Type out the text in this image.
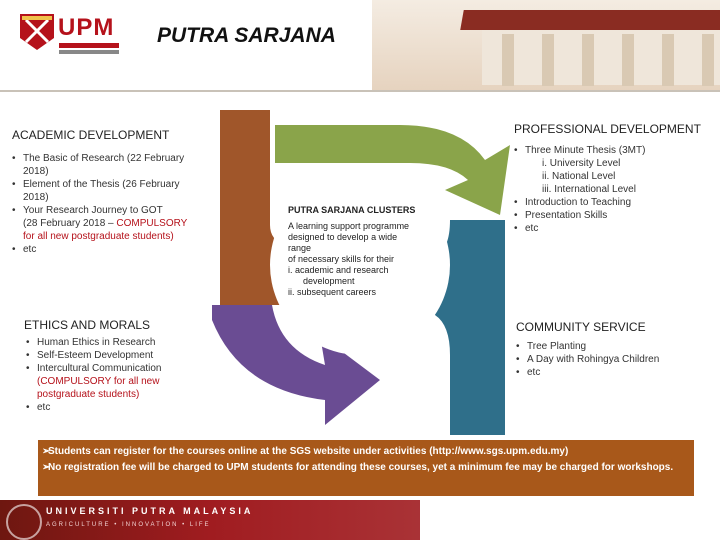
UPM PUTRA SARJANA
PUTRA SARJANA CLUSTERS
A learning support programme
designed to develop a wide
range
of necessary skills for their
i. academic and research
development
ii. subsequent careers
ACADEMIC DEVELOPMENT
• The Basic of Research (22 February
2018)
• Element of the Thesis (26 February
2018)
• Your Research Journey to GOT
(28 February 2018 – COMPULSORY
for all new postgraduate students)
• etc
PROFESSIONAL DEVELOPMENT
• Three Minute Thesis (3MT)
i. University Level
ii. National Level
iii. International Level
• Introduction to Teaching
• Presentation Skills
• etc
ETHICS AND MORALS
• Human Ethics in Research
• Self-Esteem Development
• Intercultural Communication
(COMPULSORY for all new
postgraduate students)
• etc
COMMUNITY SERVICE
• Tree Planting
• A Day with Rohingya Children
• etc
➢
Students can register for the courses online at the SGS website under activities (http://www.sgs.upm.edu.my)
➢
No registration fee will be charged to UPM students for attending these courses, yet a minimum fee may be charged for workshops.
UNIVERSITI PUTRA MALAYSIA
AGRICULTURE • INNOVATION • LIFE
